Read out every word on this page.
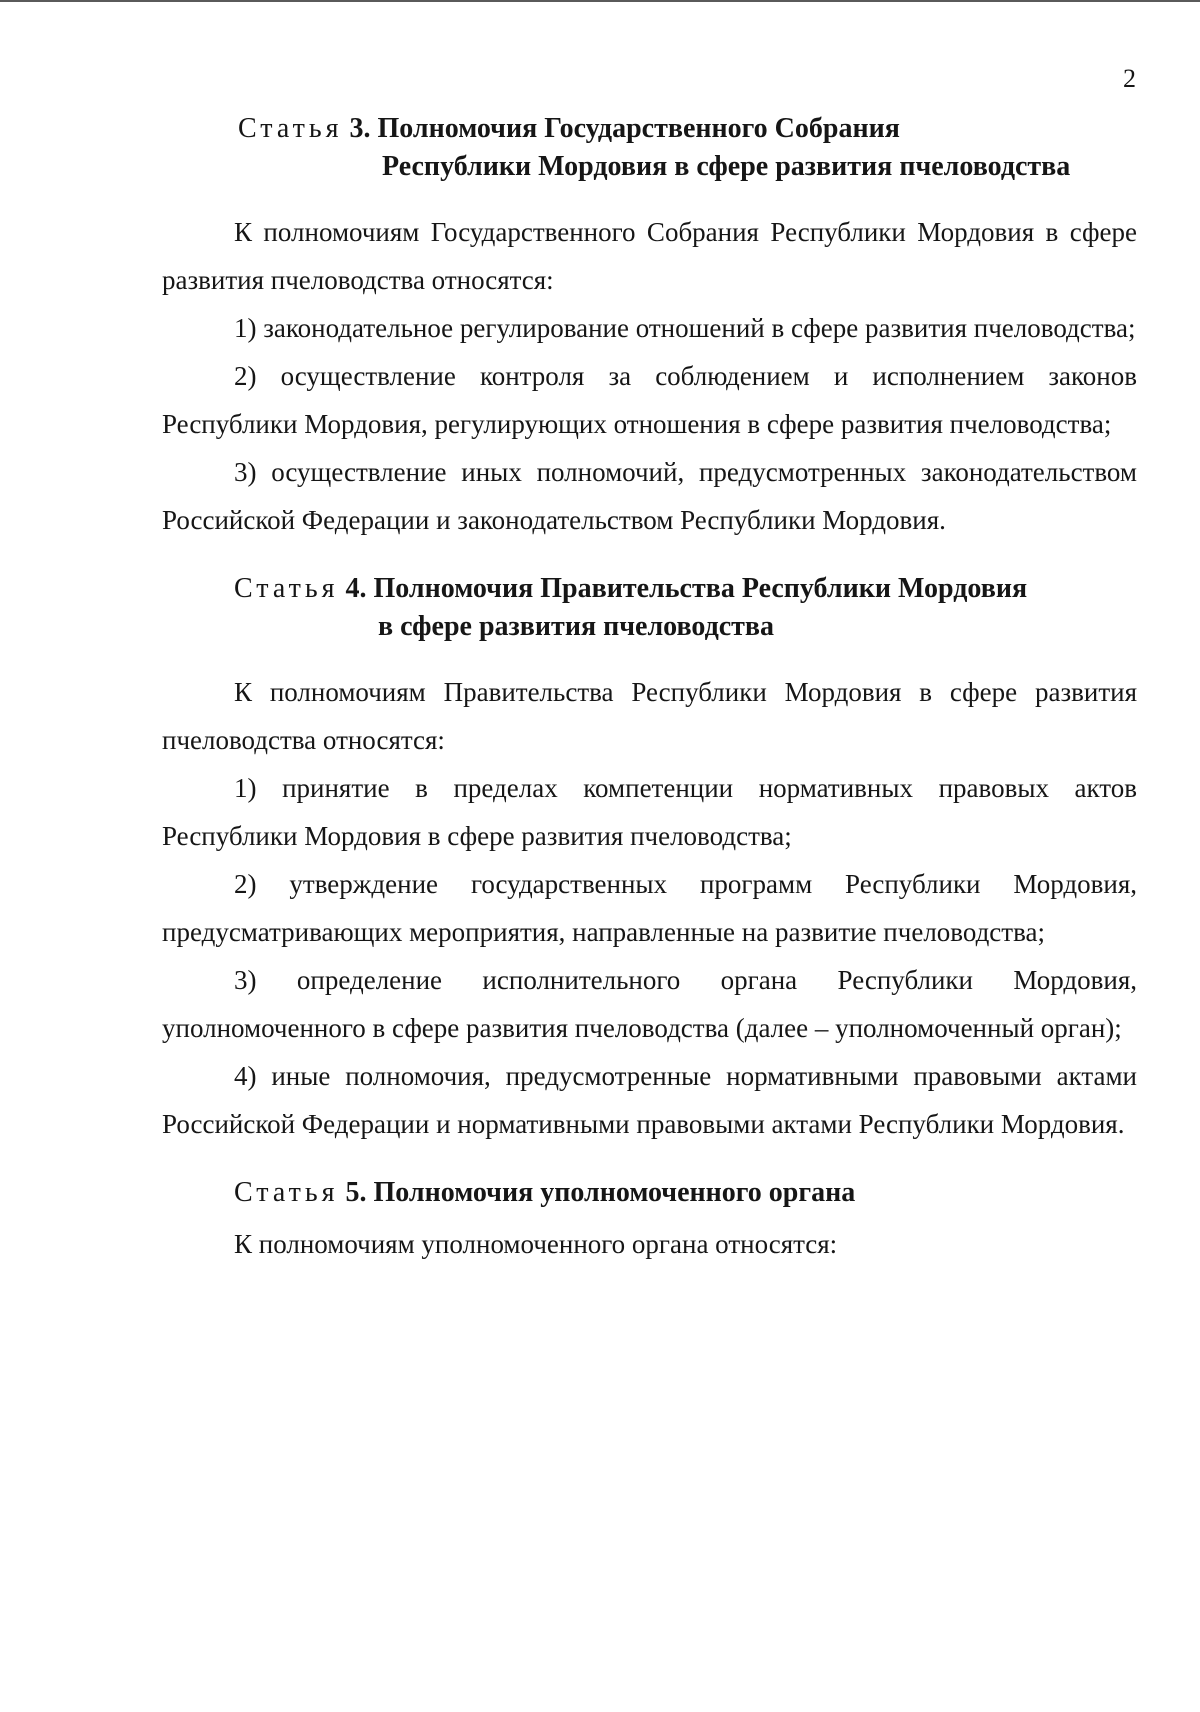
2
Статья 3. Полномочия Государственного Собрания
Республики Мордовия в сфере развития пчеловодства

К полномочиям Государственного Собрания Республики Мордовия в сфере развития пчеловодства относятся:

1) законодательное регулирование отношений в сфере развития пчеловодства;

2) осуществление контроля за соблюдением и исполнением законов Республики Мордовия, регулирующих отношения в сфере развития пчеловодства;

3) осуществление иных полномочий, предусмотренных законодательством Российской Федерации и законодательством Республики Мордовия.

Статья 4. Полномочия Правительства Республики Мордовия
в сфере развития пчеловодства

К полномочиям Правительства Республики Мордовия в сфере развития пчеловодства относятся:

1) принятие в пределах компетенции нормативных правовых актов Республики Мордовия в сфере развития пчеловодства;

2) утверждение государственных программ Республики Мордовия, предусматривающих мероприятия, направленные на развитие пчеловодства;

3) определение исполнительного органа Республики Мордовия, уполномоченного в сфере развития пчеловодства (далее – уполномоченный орган);

4) иные полномочия, предусмотренные нормативными правовыми актами Российской Федерации и нормативными правовыми актами Республики Мордовия.

Статья 5. Полномочия уполномоченного органа

К полномочиям уполномоченного органа относятся:
